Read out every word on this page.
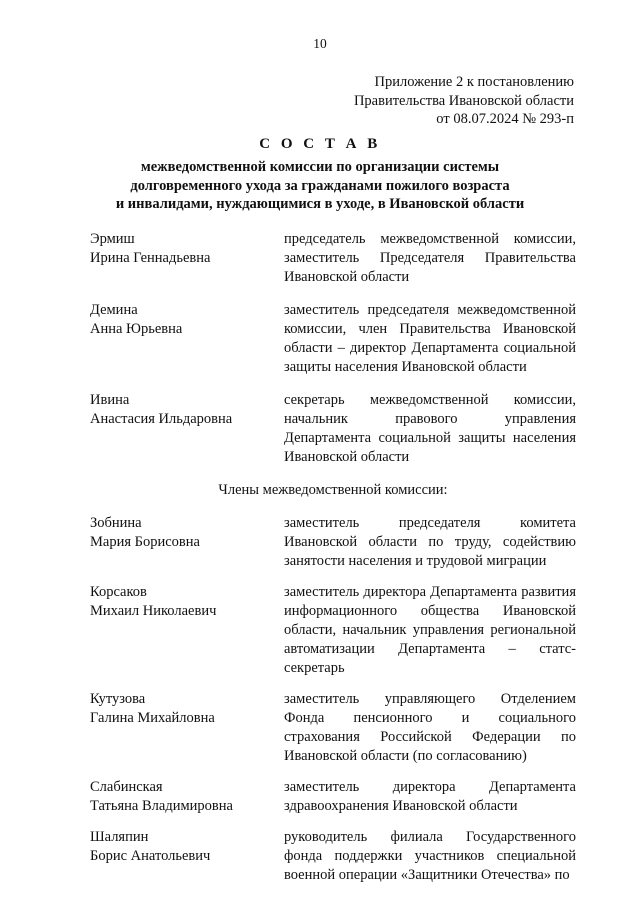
10
Приложение 2 к постановлению
Правительства Ивановской области
от 08.07.2024 № 293-п
С О С Т А В
межведомственной комиссии по организации системы
долговременного ухода за гражданами пожилого возраста
и инвалидами, нуждающимися в уходе, в Ивановской области
Эрмиш
Ирина Геннадьевна
председатель межведомственной комиссии, заместитель Председателя Правительства Ивановской области
Демина
Анна Юрьевна
заместитель председателя межведомственной комиссии, член Правительства Ивановской области – директор Департамента социальной защиты населения Ивановской области
Ивина
Анастасия Ильдаровна
секретарь межведомственной комиссии, начальник правового управления Департамента социальной защиты населения Ивановской области
Члены межведомственной комиссии:
Зобнина
Мария Борисовна
заместитель председателя комитета Ивановской области по труду, содействию занятости населения и трудовой миграции
Корсаков
Михаил Николаевич
заместитель директора Департамента развития информационного общества Ивановской области, начальник управления региональной автоматизации Департамента – статс-секретарь
Кутузова
Галина Михайловна
заместитель управляющего Отделением Фонда пенсионного и социального страхования Российской Федерации по Ивановской области (по согласованию)
Слабинская
Татьяна Владимировна
заместитель директора Департамента здравоохранения Ивановской области
Шаляпин
Борис Анатольевич
руководитель филиала Государственного фонда поддержки участников специальной военной операции «Защитники Отечества» по
